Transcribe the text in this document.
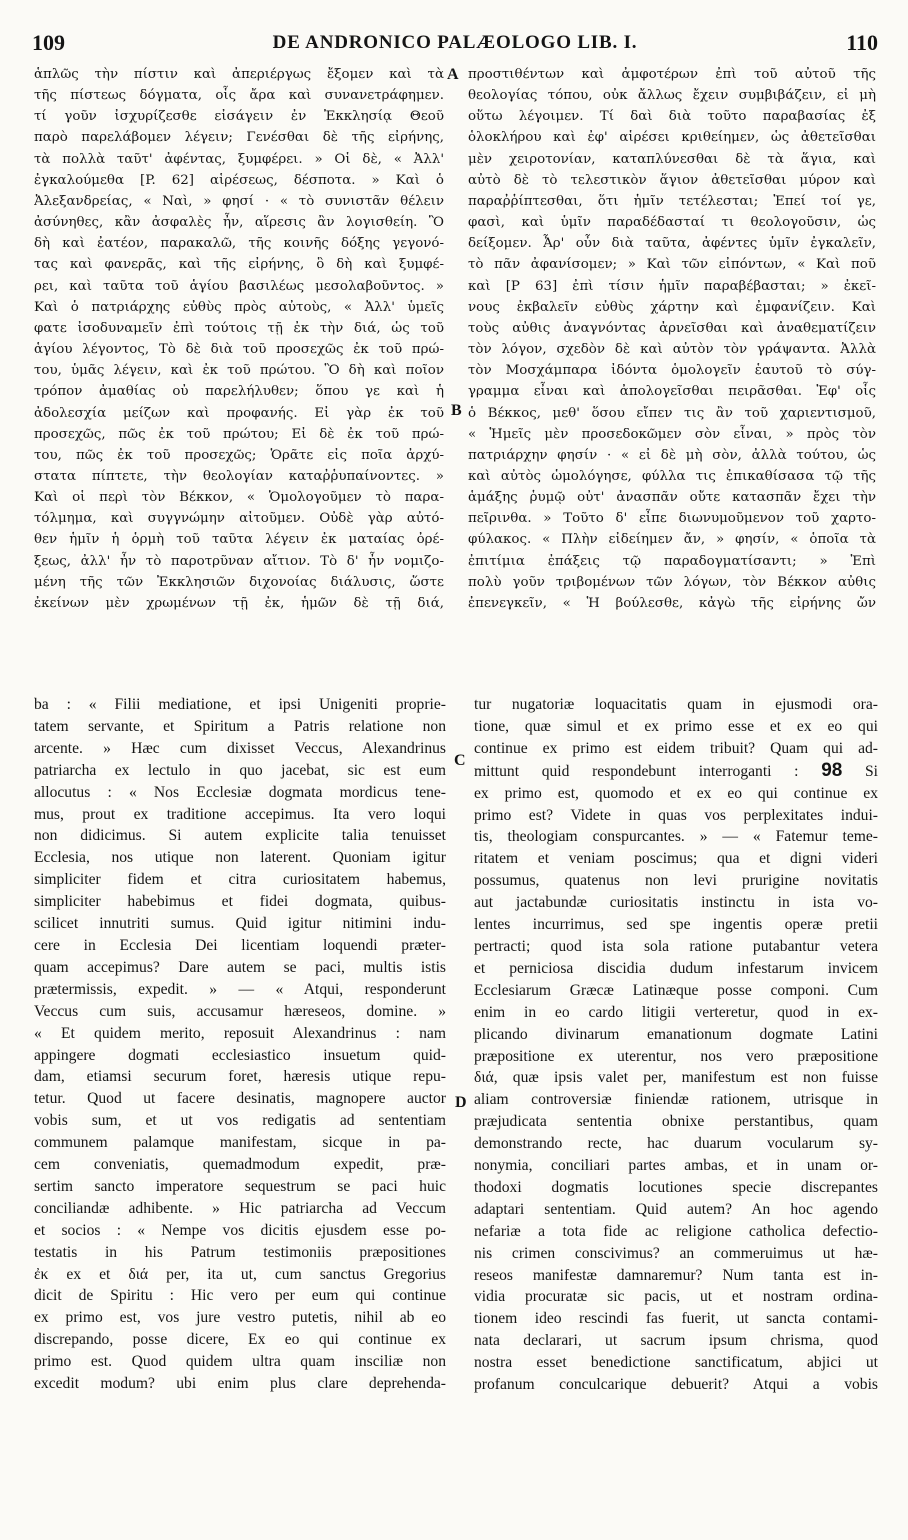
109	DE ANDRONICO PALÆOLOGO LIB. I.	110
A
B
C
D

ἁπλῶς τὴν πίστιν καὶ ἀπεριέργως ἔξομεν καὶ τὰ

τῆς πίστεως δόγματα, οἷς ἄρα καὶ συνανετράφημεν.

τί γοῦν ἰσχυρίζεσθε εἰσάγειν ἐν Ἐκκλησίᾳ Θεοῦ

παρὸ παρελάβομεν λέγειν; Γενέσθαι δὲ τῆς εἰρήνης,

τὰ πολλὰ ταῦτ' ἀφέντας, ξυμφέρει. » Οἱ δὲ, « Ἀλλ'

ἐγκαλούμεθα [P. 62] αἱρέσεως, δέσποτα. » Καὶ ὁ

Ἀλεξανδρείας, « Ναὶ, » φησί · « τὸ συνιστᾶν θέλειν

ἀσύνηθες, κἂν ἀσφαλὲς ἦν, αἵρεσις ἂν λογισθείη. Ὃ

δὴ καὶ ἐατέον, παρακαλῶ, τῆς κοινῆς δόξης γεγονό-

τας καὶ φανερᾶς, καὶ τῆς εἰρήνης, ὃ δὴ καὶ ξυμφέ-

ρει, καὶ ταῦτα τοῦ ἁγίου βασιλέως μεσολαβοῦντος. »

Καὶ ὁ πατριάρχης εὐθὺς πρὸς αὐτοὺς, « Ἀλλ' ὑμεῖς

φατε ἰσοδυναμεῖν ἐπὶ τούτοις τῇ ἐκ τὴν διά, ὡς τοῦ

ἁγίου λέγοντος, Τὸ δὲ διὰ τοῦ προσεχῶς ἐκ τοῦ πρώ-

του, ὑμᾶς λέγειν, καὶ ἐκ τοῦ πρώτου. Ὃ δὴ καὶ ποῖον

τρόπον ἀμαθίας οὐ παρελήλυθεν; ὅπου γε καὶ ἡ

ἀδολεσχία μείζων καὶ προφανής. Εἰ γὰρ ἐκ τοῦ

προσεχῶς, πῶς ἐκ τοῦ πρώτου; Εἰ δὲ ἐκ τοῦ πρώ-

του, πῶς ἐκ τοῦ προσεχῶς; Ὁρᾶτε εἰς ποῖα ἀρχύ-

στατα πίπτετε, τὴν θεολογίαν καταῤῥυπαίνοντες. »

Καὶ οἱ περὶ τὸν Βέκκον, « Ὁμολογοῦμεν τὸ παρα-

τόλμημα, καὶ συγγνώμην αἰτοῦμεν. Οὐδὲ γὰρ αὐτό-

θεν ἡμῖν ἡ ὁρμὴ τοῦ ταῦτα λέγειν ἐκ ματαίας ὀρέ-

ξεως, ἀλλ' ἦν τὸ παροτρῦναν αἴτιον. Τὸ δ' ἦν νομιζο-

μένη τῆς τῶν Ἐκκλησιῶν διχονοίας διάλυσις, ὥστε

ἐκείνων μὲν χρωμένων τῇ ἐκ, ἡμῶν δὲ τῇ διά,

προστιθέντων καὶ ἀμφοτέρων ἐπὶ τοῦ αὐτοῦ τῆς

θεολογίας τόπου, οὐκ ἄλλως ἔχειν συμβιβάζειν, εἰ μὴ

οὕτω λέγοιμεν. Τί δαὶ διὰ τοῦτο παραβασίας ἐξ

ὁλοκλήρου καὶ ἐφ' αἱρέσει κριθείημεν, ὡς ἀθετεῖσθαι

μὲν χειροτονίαν, καταπλύνεσθαι δὲ τὰ ἅγια, καὶ

αὐτὸ δὲ τὸ τελεστικὸν ἅγιον ἀθετεῖσθαι μύρον καὶ

παραῤῥίπτεσθαι, ὅτι ἡμῖν τετέλεσται; Ἐπεί τοί γε,

φασὶ, καὶ ὑμῖν παραδέδασταί τι θεολογοῦσιν, ὡς

δείξομεν. Ἆρ' οὖν διὰ ταῦτα, ἀφέντες ὑμῖν ἐγκαλεῖν,

τὸ πᾶν ἀφανίσομεν; » Καὶ τῶν εἰπόντων, « Καὶ ποῦ

καὶ [P 63] ἐπὶ τίσιν ἡμῖν παραβέβασται; » ἐκεῖ-

νους ἐκβαλεῖν εὐθὺς χάρτην καὶ ἐμφανίζειν. Καὶ

τοὺς αὐθις ἀναγνόντας ἀρνεῖσθαι καὶ ἀναθεματίζειν

τὸν λόγον, σχεδὸν δὲ καὶ αὐτὸν τὸν γράψαντα. Ἀλλὰ

τὸν Μοσχάμπαρα ἰδόντα ὁμολογεῖν ἑαυτοῦ τὸ σύγ-

γραμμα εἶναι καὶ ἀπολογεῖσθαι πειρᾶσθαι. Ἐφ' οἷς

ὁ Βέκκος, μεθ' ὅσου εἴπεν τις ἂν τοῦ χαριεντισμοῦ,

« Ἡμεῖς μὲν προσεδοκῶμεν σὸν εἶναι, » πρὸς τὸν

πατριάρχην φησίν · « εἰ δὲ μὴ σὸν, ἀλλὰ τούτου, ὡς

καὶ αὐτὸς ὡμολόγησε, φύλλα τις ἐπικαθίσασα τῷ τῆς

ἁμάξης ῥυμῷ οὐτ' ἀνασπᾶν οὔτε κατασπᾶν ἔχει τὴν

πεῖρινθα. » Τοῦτο δ' εἶπε διωνυμοῦμενον τοῦ χαρτο-

φύλακος. « Πλὴν εἰδείημεν ἄν, » φησίν, « ὁποῖα τὰ

ἐπιτίμια ἐπάξεις τῷ παραδογματίσαντι; » Ἐπὶ

πολὺ γοῦν τριβομένων τῶν λόγων, τὸν Βέκκον αὐθις

ἐπενεγκεῖν, « Ἡ βούλεσθε, κἀγὼ τῆς εἰρήνης ὤν

ba : « Filii mediatione, et ipsi Unigeniti proprie-

tatem servante, et Spiritum a Patris relatione non

arcente. » Hæc cum dixisset Veccus, Alexandrinus

patriarcha ex lectulo in quo jacebat, sic est eum

allocutus : « Nos Ecclesiæ dogmata mordicus tene-

mus, prout ex traditione accepimus. Ita vero loqui

non didicimus. Si autem explicite talia tenuisset

Ecclesia, nos utique non laterent. Quoniam igitur

simpliciter fidem et citra curiositatem habemus,

simpliciter habebimus et fidei dogmata, quibus-

scilicet innutriti sumus. Quid igitur nitimini indu-

cere in Ecclesia Dei licentiam loquendi præter-

quam accepimus? Dare autem se paci, multis istis

prætermissis, expedit. » — « Atqui, responderunt

Veccus cum suis, accusamur hæreseos, domine. »

« Et quidem merito, reposuit Alexandrinus : nam

appingere dogmati ecclesiastico insuetum quid-

dam, etiamsi securum foret, hæresis utique repu-

tetur. Quod ut facere desinatis, magnopere auctor

vobis sum, et ut vos redigatis ad sententiam

communem palamque manifestam, sicque in pa-

cem conveniatis, quemadmodum expedit, præ-

sertim sancto imperatore sequestrum se paci huic

conciliandæ adhibente. » Hic patriarcha ad Veccum

et socios : « Nempe vos dicitis ejusdem esse po-

testatis in his Patrum testimoniis præpositiones

ἐκ ex et διά per, ita ut, cum sanctus Gregorius

dicit de Spiritu : Hic vero per eum qui continue

ex primo est, vos jure vestro putetis, nihil ab eo

discrepando, posse dicere, Ex eo qui continue ex

primo est. Quod quidem ultra quam insciliæ non

excedit modum? ubi enim plus clare deprehenda-

tur nugatoriæ loquacitatis quam in ejusmodi ora-

tione, quæ simul et ex primo esse et ex eo qui

continue ex primo est eidem tribuit? Quam qui ad-

mittunt quid respondebunt interroganti : 98 Si

ex primo est, quomodo et ex eo qui continue ex

primo est? Videte in quas vos perplexitates indui-

tis, theologiam conspurcantes. » — « Fatemur teme-

ritatem et veniam poscimus; qua et digni videri

possumus, quatenus non levi prurigine novitatis

aut jactabundæ curiositatis instinctu in ista vo-

lentes incurrimus, sed spe ingentis operæ pretii

pertracti; quod ista sola ratione putabantur vetera

et perniciosa discidia dudum infestarum invicem

Ecclesiarum Græcæ Latinæque posse componi. Cum

enim in eo cardo litigii verteretur, quod in ex-

plicando divinarum emanationum dogmate Latini

præpositione ex uterentur, nos vero præpositione

διά, quæ ipsis valet per, manifestum est non fuisse

aliam controversiæ finiendæ rationem, utrisque in

præjudicata sententia obnixe perstantibus, quam

demonstrando recte, hac duarum vocularum sy-

nonymia, conciliari partes ambas, et in unam or-

thodoxi dogmatis locutiones specie discrepantes

adaptari sententiam. Quid autem? An hoc agendo

nefariæ a tota fide ac religione catholica defectio-

nis crimen conscivimus? an commeruimus ut hæ-

reseos manifestæ damnaremur? Num tanta est in-

vidia procuratæ sic pacis, ut et nostram ordina-

tionem ideo rescindi fas fuerit, ut sancta contami-

nata declarari, ut sacrum ipsum chrisma, quod

nostra esset benedictione sanctificatum, abjici ut

profanum conculcarique debuerit? Atqui a vobis
